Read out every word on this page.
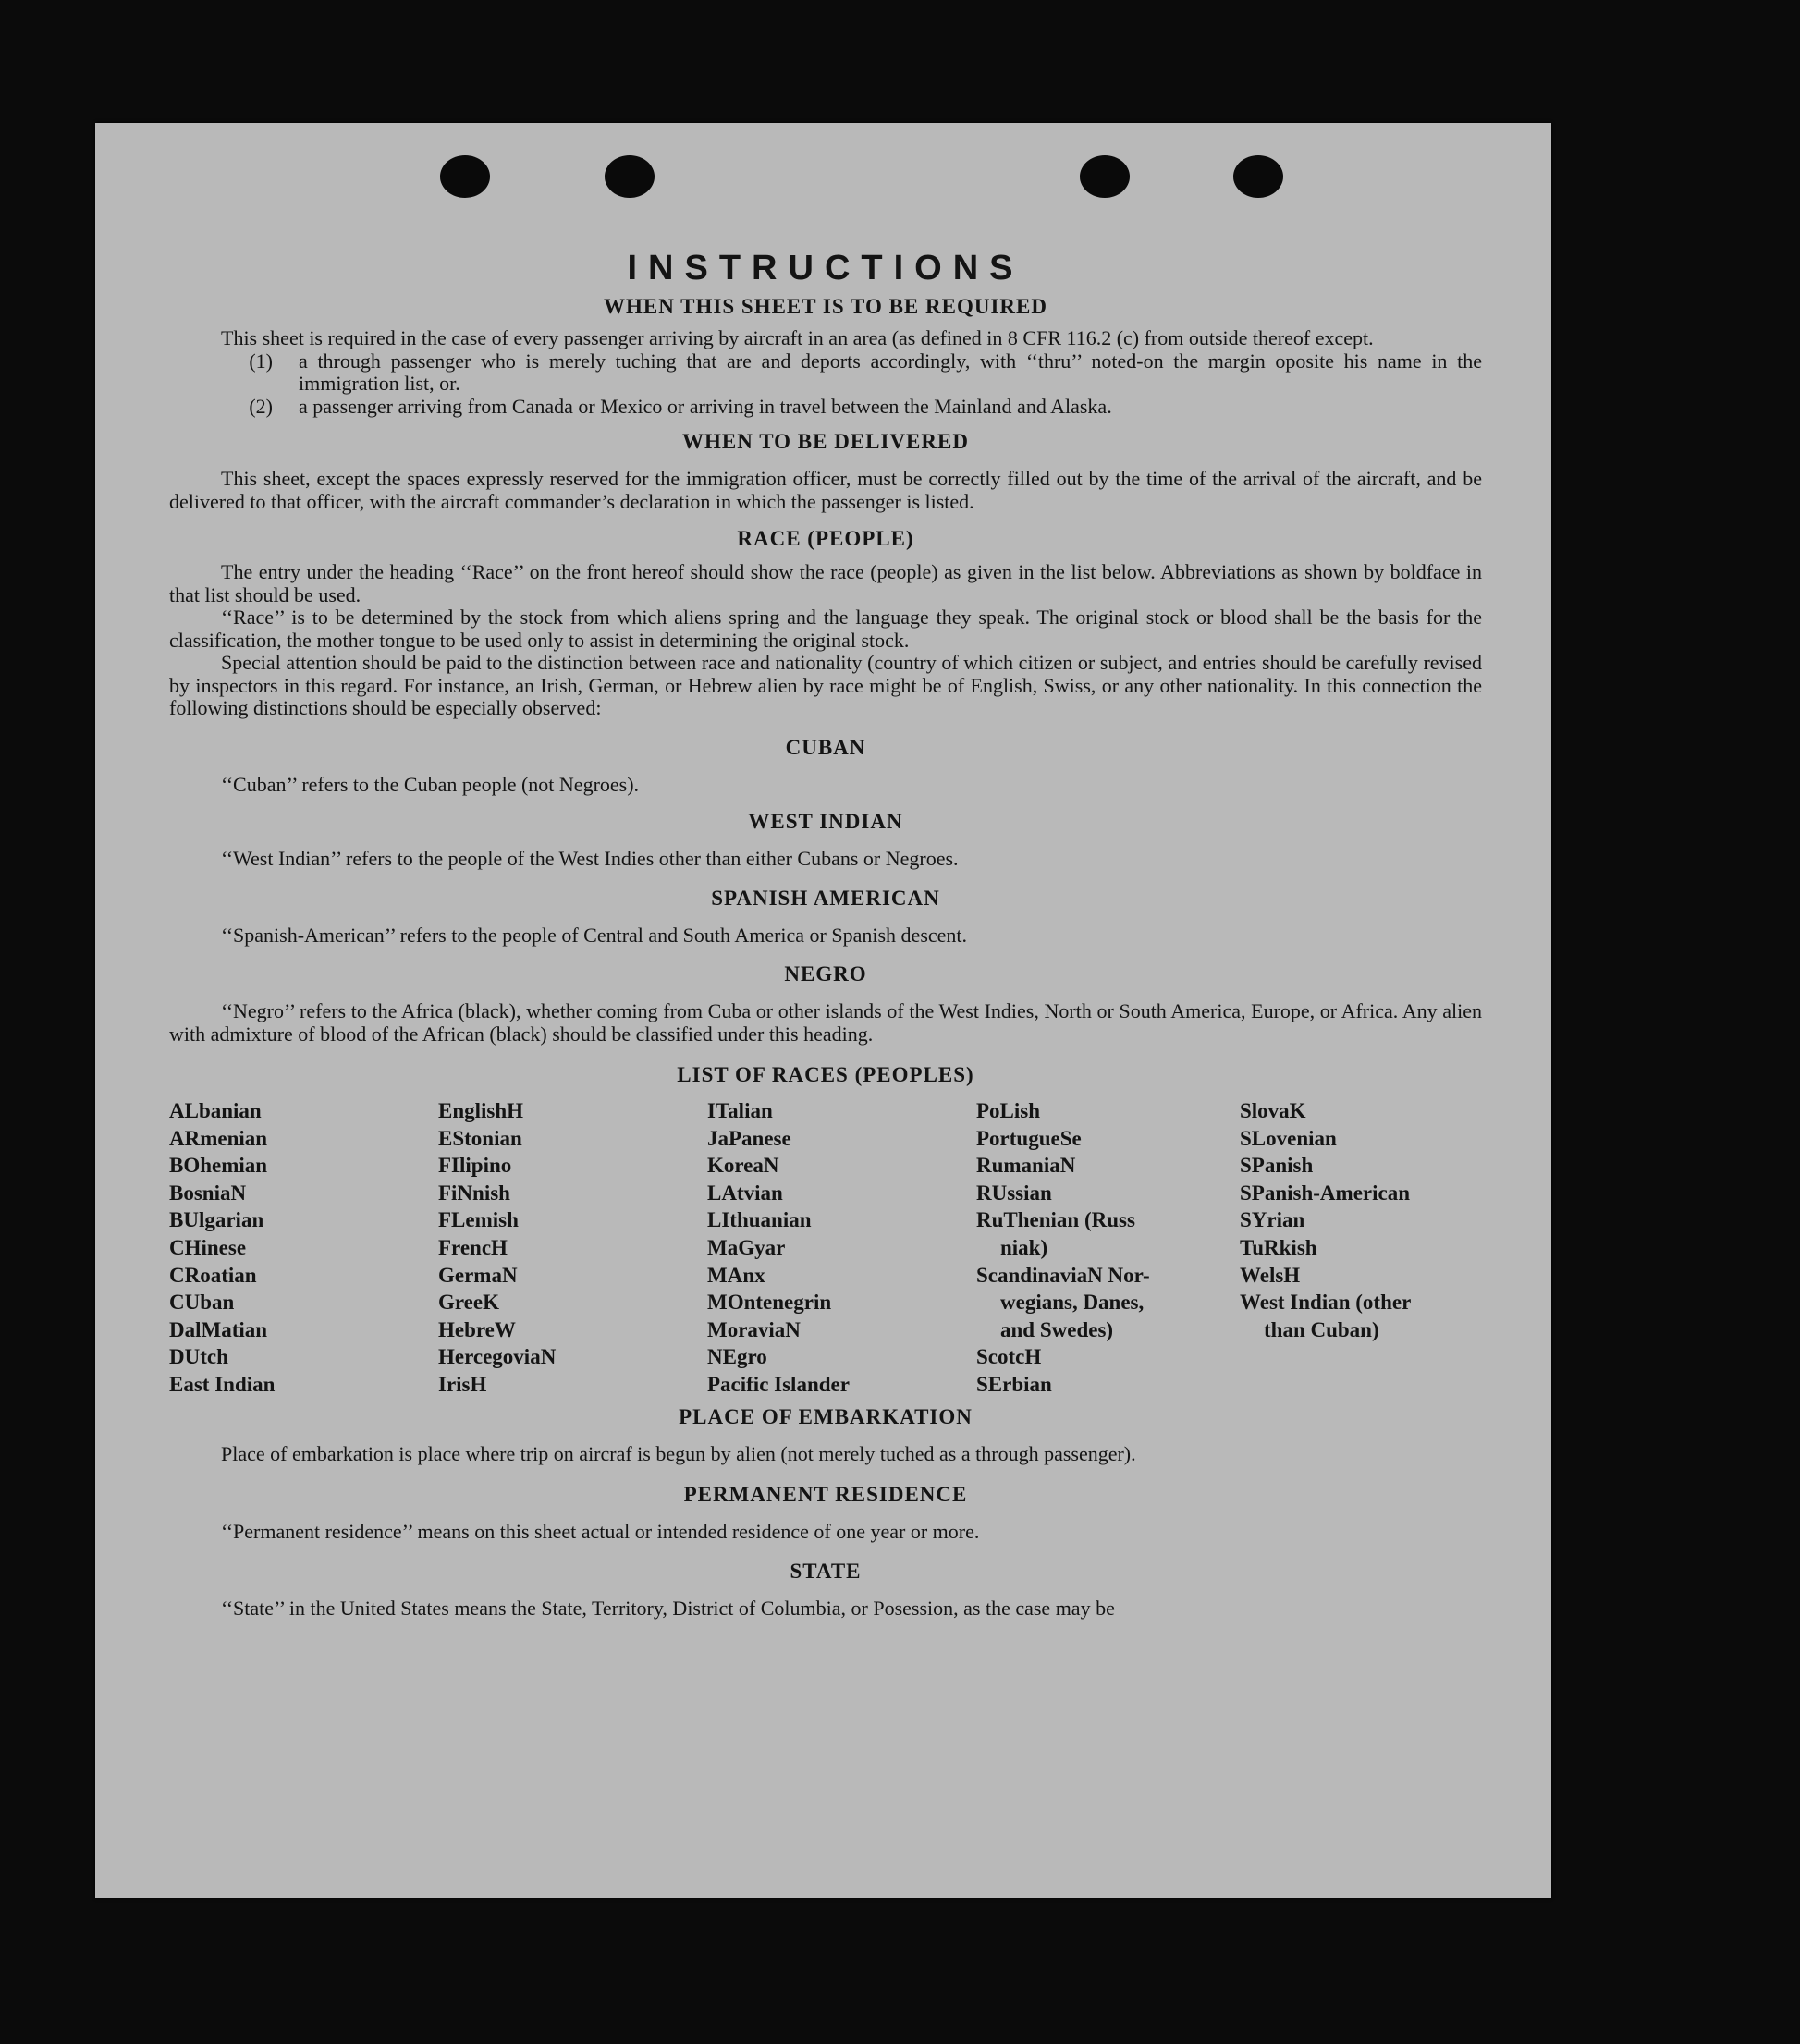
INSTRUCTIONS
WHEN THIS SHEET IS TO BE REQUIRED

This sheet is required in the case of every passenger arriving by aircraft in an area (as defined in 8 CFR 116.2 (c) from outside thereof except.

(1)	a through passenger who is merely tuching that are and deports accordingly, with ‘‘thru’’ noted-on the margin oposite his name in the immigration list, or.
(2)	a passenger arriving from Canada or Mexico or arriving in travel between the Mainland and Alaska.
WHEN TO BE DELIVERED

This sheet, except the spaces expressly reserved for the immigration officer, must be correctly filled out by the time of the arrival of the aircraft, and be delivered to that officer, with the aircraft commander’s declaration in which the passenger is listed.

RACE (PEOPLE)

The entry under the heading ‘‘Race’’ on the front hereof should show the race (people) as given in the list below. Abbreviations as shown by boldface in that list should be used.

‘‘Race’’ is to be determined by the stock from which aliens spring and the language they speak. The original stock or blood shall be the basis for the classification, the mother tongue to be used only to assist in determining the original stock.

Special attention should be paid to the distinction between race and nationality (country of which citizen or subject, and entries should be carefully revised by inspectors in this regard. For instance, an Irish, German, or Hebrew alien by race might be of English, Swiss, or any other nationality. In this connection the following distinctions should be especially observed:

CUBAN

‘‘Cuban’’ refers to the Cuban people (not Negroes).

WEST INDIAN

‘‘West Indian’’ refers to the people of the West Indies other than either Cubans or Negroes.

SPANISH AMERICAN

‘‘Spanish-American’’ refers to the people of Central and South America or Spanish descent.

NEGRO

‘‘Negro’’ refers to the Africa (black), whether coming from Cuba or other islands of the West Indies, North or South America, Europe, or Africa. Any alien with admixture of blood of the African (black) should be classified under this heading.

LIST OF RACES (PEOPLES)
ALbanian
ARmenian
BOhemian
BosniaN
BUlgarian
CHinese
CRoatian
CUban
DalMatian
DUtch
East Indian
EnglishH
EStonian
FIlipino
FiNnish
FLemish
FrencH
GermaN
GreeK
HebreW
HercegoviaN
IrisH
ITalian
JaPanese
KoreaN
LAtvian
LIthuanian
MaGyar
MAnx
MOntenegrin
MoraviaN
NEgro
Pacific Islander
PoLish
PortugueSe
RumaniaN
RUssian
RuThenian (Russ
niak)
ScandinaviaN Nor-
wegians, Danes,
and Swedes)
ScotcH
SErbian
SlovaK
SLovenian
SPanish
SPanish-American
SYrian
TuRkish
WelsH
West Indian (other
than Cuban)
PLACE OF EMBARKATION

Place of embarkation is place where trip on aircraf is begun by alien (not merely tuched as a through passenger).

PERMANENT RESIDENCE

‘‘Permanent residence’’ means on this sheet actual or intended residence of one year or more.

STATE

‘‘State’’ in the United States means the State, Territory, District of Columbia, or Posession, as the case may be
